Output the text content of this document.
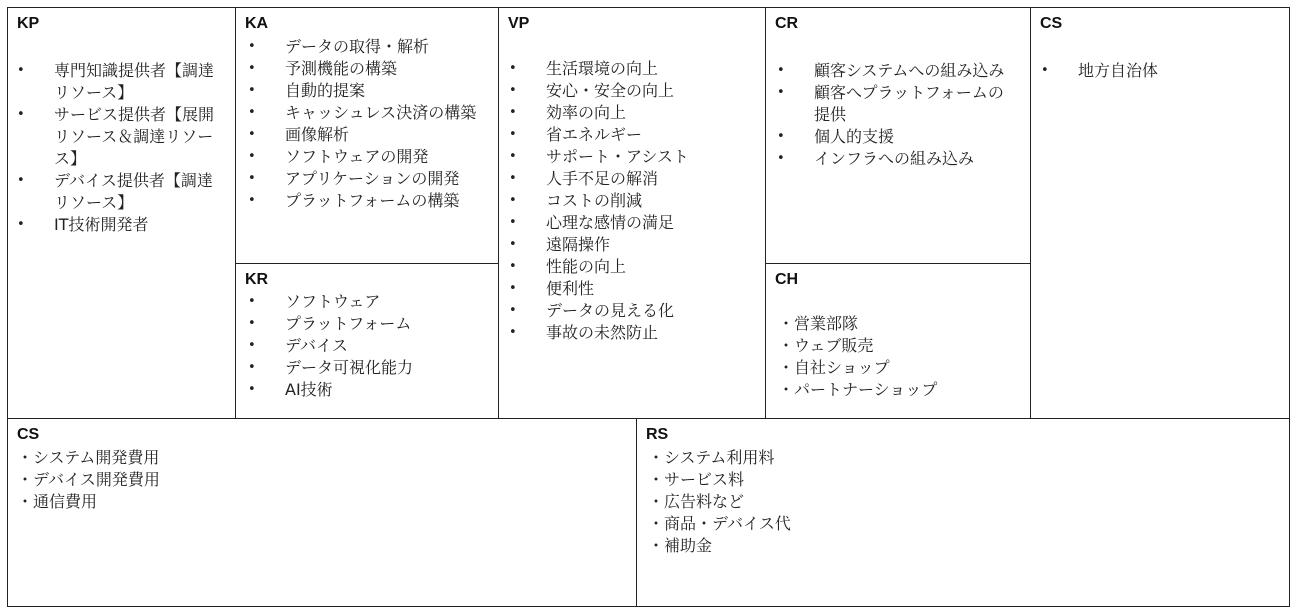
KP
• 専門知識提供者【調達リソース】
• サービス提供者【展開リソース＆調達リソース】
• デバイス提供者【調達リソース】
• IT技術開発者
KA
• データの取得・解析
• 予測機能の構築
• 自動的提案
• キャッシュレス決済の構築
• 画像解析
• ソフトウェアの開発
• アプリケーションの開発
• プラットフォームの構築
KR
• ソフトウェア
• プラットフォーム
• デバイス
• データ可視化能力
• AI技術
VP
• 生活環境の向上
• 安心・安全の向上
• 効率の向上
• 省エネルギー
• サポート・アシスト
• 人手不足の解消
• コストの削減
• 心理な感情の満足
• 遠隔操作
• 性能の向上
• 便利性
• データの見える化
• 事故の未然防止
CR
• 顧客システムへの組み込み
• 顧客へプラットフォームの提供
• 個人的支援
• インフラへの組み込み
CH
・営業部隊
・ウェブ販売
・自社ショップ
・パートナーショップ
CS
• 地方自治体
CS
・システム開発費用
・デバイス開発費用
・通信費用
RS
・システム利用料
・サービス料
・広告料など
・商品・デバイス代
・補助金
